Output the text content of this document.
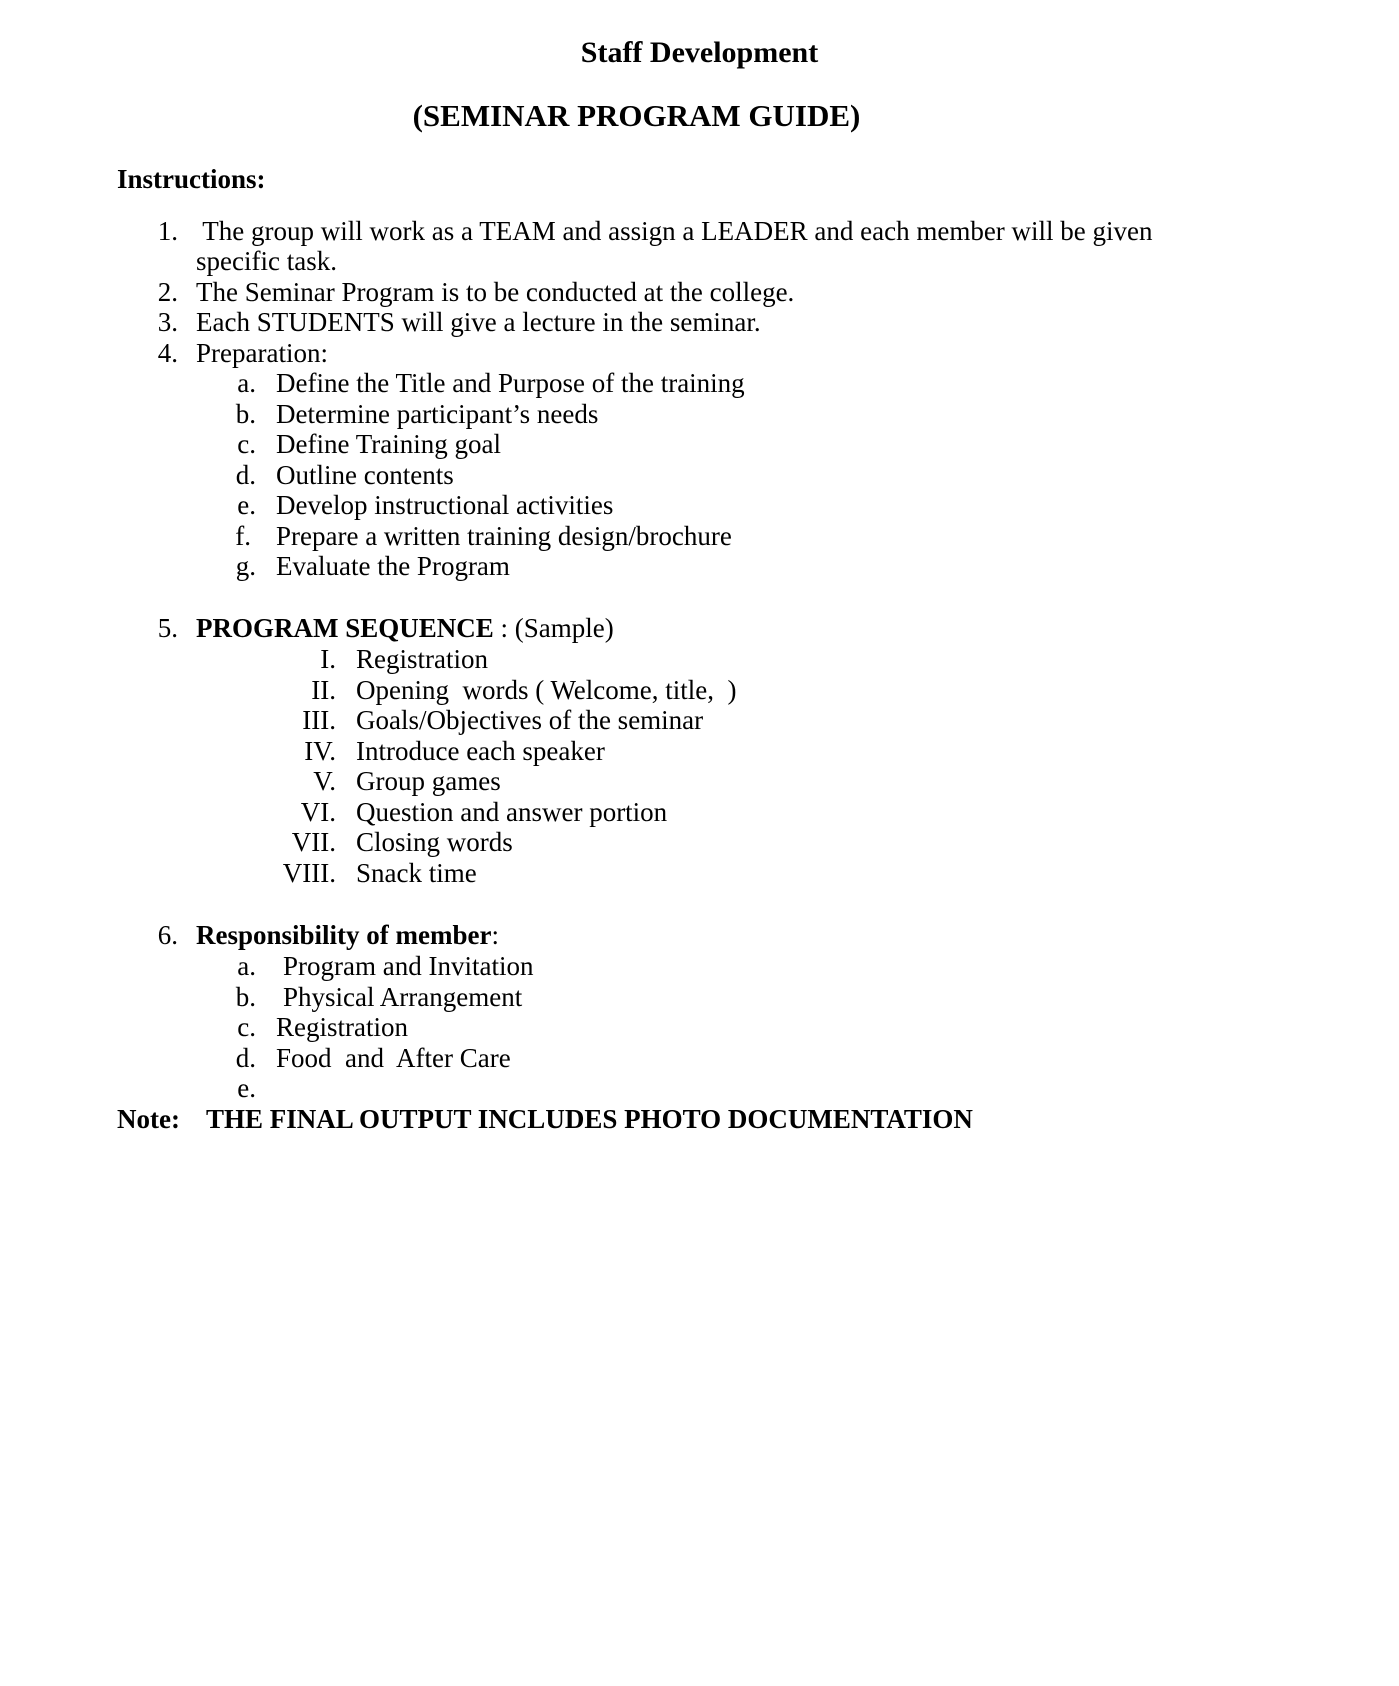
Staff Development
(SEMINAR PROGRAM GUIDE)
Instructions:
1. The group will work as a TEAM and assign a LEADER and each member will be given
specific task.
2. The Seminar Program is to be conducted at the college.
3. Each STUDENTS will give a lecture in the seminar.
4. Preparation:
a. Define the Title and Purpose of the training
b. Determine participant’s needs
c. Define Training goal
d. Outline contents
e. Develop instructional activities
f. Prepare a written training design/brochure
g. Evaluate the Program
5. PROGRAM SEQUENCE : (Sample)
I. Registration
II. Opening  words ( Welcome, title,  )
III. Goals/Objectives of the seminar
IV. Introduce each speaker
V. Group games
VI. Question and answer portion
VII. Closing words
VIII. Snack time
6. Responsibility of member:
a. Program and Invitation
b. Physical Arrangement
c. Registration
d. Food  and  After Care
e.
Note: THE FINAL OUTPUT INCLUDES PHOTO DOCUMENTATION
